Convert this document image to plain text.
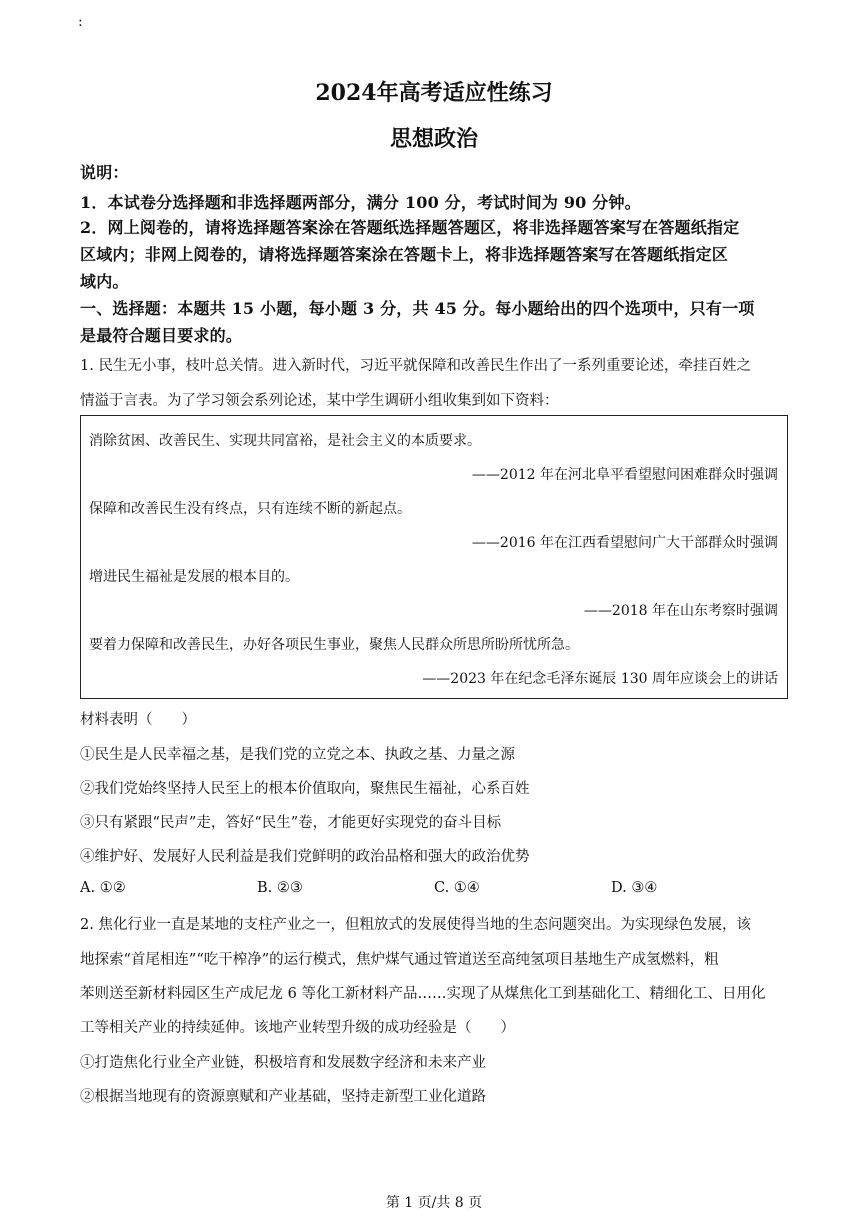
:
2024年高考适应性练习
思想政治
说明：
1．本试卷分选择题和非选择题两部分，满分 100 分，考试时间为 90 分钟。
2．网上阅卷的，请将选择题答案涂在答题纸选择题答题区，将非选择题答案写在答题纸指定
区域内；非网上阅卷的，请将选择题答案涂在答题卡上，将非选择题答案写在答题纸指定区
域内。
一、选择题：本题共 15 小题，每小题 3 分，共 45 分。每小题给出的四个选项中，只有一项
是最符合题目要求的。
1. 民生无小事，枝叶总关情。进入新时代，习近平就保障和改善民生作出了一系列重要论述，牵挂百姓之
情溢于言表。为了学习领会系列论述，某中学生调研小组收集到如下资料：
消除贫困、改善民生、实现共同富裕，是社会主义的本质要求。
——2012 年在河北阜平看望慰问困难群众时强调
保障和改善民生没有终点，只有连续不断的新起点。
——2016 年在江西看望慰问广大干部群众时强调
增进民生福祉是发展的根本目的。
——2018 年在山东考察时强调
要着力保障和改善民生，办好各项民生事业，聚焦人民群众所思所盼所忧所急。
——2023 年在纪念毛泽东诞辰 130 周年应谈会上的讲话
材料表明（　　）
①民生是人民幸福之基，是我们党的立党之本、执政之基、力量之源
②我们党始终坚持人民至上的根本价值取向，聚焦民生福祉，心系百姓
③只有紧跟“民声”走，答好“民生”卷，才能更好实现党的奋斗目标
④维护好、发展好人民利益是我们党鲜明的政治品格和强大的政治优势
A. ①②	B. ②③	C. ①④	D. ③④
2. 焦化行业一直是某地的支柱产业之一，但粗放式的发展使得当地的生态问题突出。为实现绿色发展，该
地探索“首尾相连”“吃干榨净”的运行模式，焦炉煤气通过管道送至高纯氢项目基地生产成氢燃料，粗
苯则送至新材料园区生产成尼龙 6 等化工新材料产品……实现了从煤焦化工到基础化工、精细化工、日用化
工等相关产业的持续延伸。该地产业转型升级的成功经验是（　　）
①打造焦化行业全产业链，积极培育和发展数字经济和未来产业
②根据当地现有的资源禀赋和产业基础，坚持走新型工业化道路
第 1 页/共 8 页
